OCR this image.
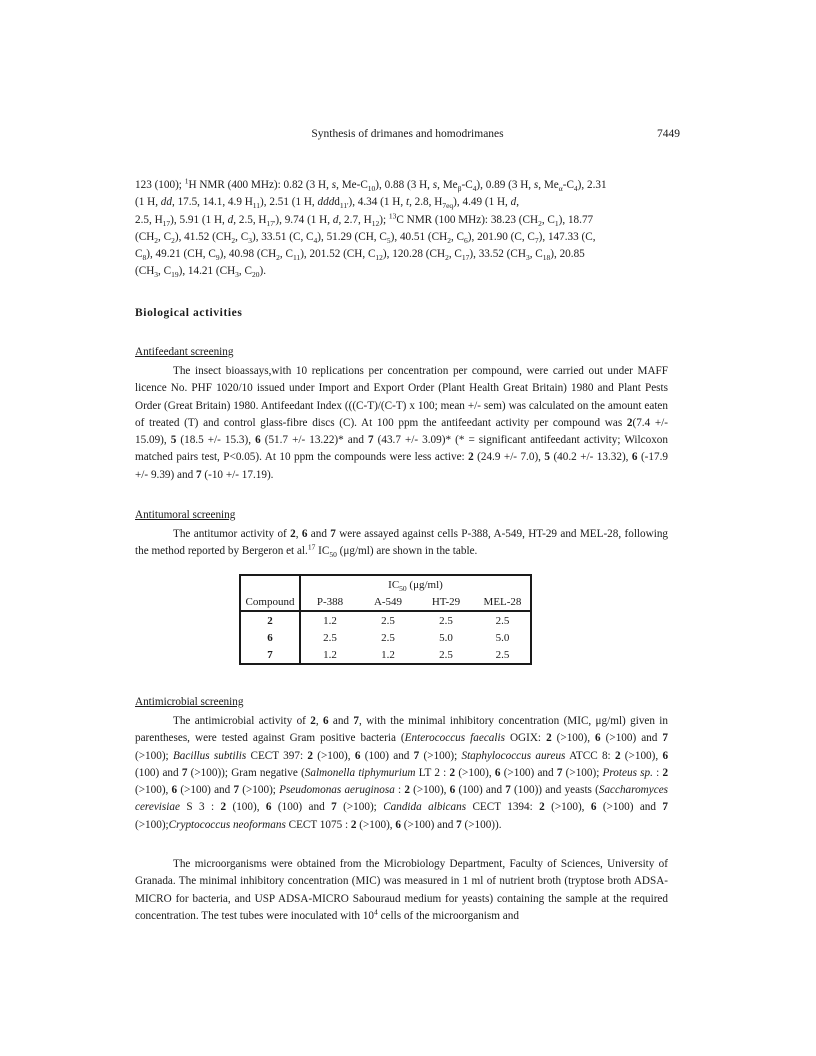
Synthesis of drimanes and homodrimanes	7449
123 (100); $^1$H NMR (400 MHz): 0.82 (3 H, s, $Me-C_{10}$), 0.88 (3 H, s, $Me_\beta-C_4$), 0.89 (3 H, s, $Me_\alpha-C_4$), 2.31
(1 H, dd, 17.5, 14.1, 4.9 $H_{11}$), 2.51 (1 H, dddd$_{11'}$), 4.34 (1 H, t, 2.8, $H_{7eq}$), 4.49 (1 H, d,
2.5, $H_{17}$), 5.91 (1 H, d, 2.5, $H_{17'}$), 9.74 (1 H, d, 2.7, $H_{12}$); $^{13}$C NMR (100 MHz): 38.23 ($CH_2$, $C_1$), 18.77
($CH_2$, $C_2$), 41.52 ($CH_2$, $C_3$), 33.51 (C, $C_4$), 51.29 (CH, $C_5$), 40.51 ($CH_2$, $C_6$), 201.90 (C, $C_7$), 147.33 (C,
$C_8$), 49.21 (CH, $C_9$), 40.98 ($CH_2$, $C_{11}$), 201.52 (CH, $C_{12}$), 120.28 ($CH_2$, $C_{17}$), 33.52 ($CH_3$, $C_{18}$), 20.85
($CH_3$, $C_{19}$), 14.21 ($CH_3$, $C_{20}$).
Biological activities
Antifeedant screening

The insect bioassays,with 10 replications per concentration per compound, were carried out under MAFF licence No. PHF 1020/10 issued under Import and Export Order (Plant Health Great Britain) 1980 and Plant Pests Order (Great Britain) 1980. Antifeedant Index (((C-T)/(C-T) x 100; mean +/- sem) was calculated on the amount eaten of treated (T) and control glass-fibre discs (C). At 100 ppm the antifeedant activity per compound was 2(7.4 +/- 15.09), 5 (18.5 +/- 15.3), 6 (51.7 +/- 13.22)* and 7 (43.7 +/- 3.09)* (* = significant antifeedant activity; Wilcoxon matched pairs test, P<0.05). At 10 ppm the compounds were less active: 2 (24.9 +/- 7.0), 5 (40.2 +/- 13.32), 6 (-17.9 +/- 9.39) and 7 (-10 +/- 17.19).

Antitumoral screening

The antitumor activity of 2, 6 and 7 were assayed against cells P-388, A-549, HT-29 and MEL-28, following the method reported by Bergeron et al.$^{17}$ $IC_{50}$ (μg/ml) are shown in the table.

	$IC_{50}$ (μg/ml)			
Compound	P-388	A-549	HT-29	MEL-28
2	1.2	2.5	2.5	2.5
6	2.5	2.5	5.0	5.0
7	1.2	1.2	2.5	2.5
Antimicrobial screening

The antimicrobial activity of 2, 6 and 7, with the minimal inhibitory concentration (MIC, μg/ml) given in parentheses, were tested against Gram positive bacteria (Enterococcus faecalis OGIX: 2 (>100), 6 (>100) and 7 (>100); Bacillus subtilis CECT 397: 2 (>100), 6 (100) and 7 (>100); Staphylococcus aureus ATCC 8: 2 (>100), 6 (100) and 7 (>100)); Gram negative (Salmonella tiphymurium LT 2 : 2 (>100), 6 (>100) and 7 (>100); Proteus sp. : 2 (>100), 6 (>100) and 7 (>100); Pseudomonas aeruginosa : 2 (>100), 6 (100) and 7 (100)) and yeasts (Saccharomyces cerevisiae S 3 : 2 (100), 6 (100) and 7 (>100); Candida albicans CECT 1394: 2 (>100), 6 (>100) and 7 (>100);Cryptococcus neoformans CECT 1075 : 2 (>100), 6 (>100) and 7 (>100)).

The microorganisms were obtained from the Microbiology Department, Faculty of Sciences, University of Granada. The minimal inhibitory concentration (MIC) was measured in 1 ml of nutrient broth (tryptose broth ADSA-MICRO for bacteria, and USP ADSA-MICRO Sabouraud medium for yeasts) containing the sample at the required concentration. The test tubes were inoculated with $10^4$ cells of the microorganism and
